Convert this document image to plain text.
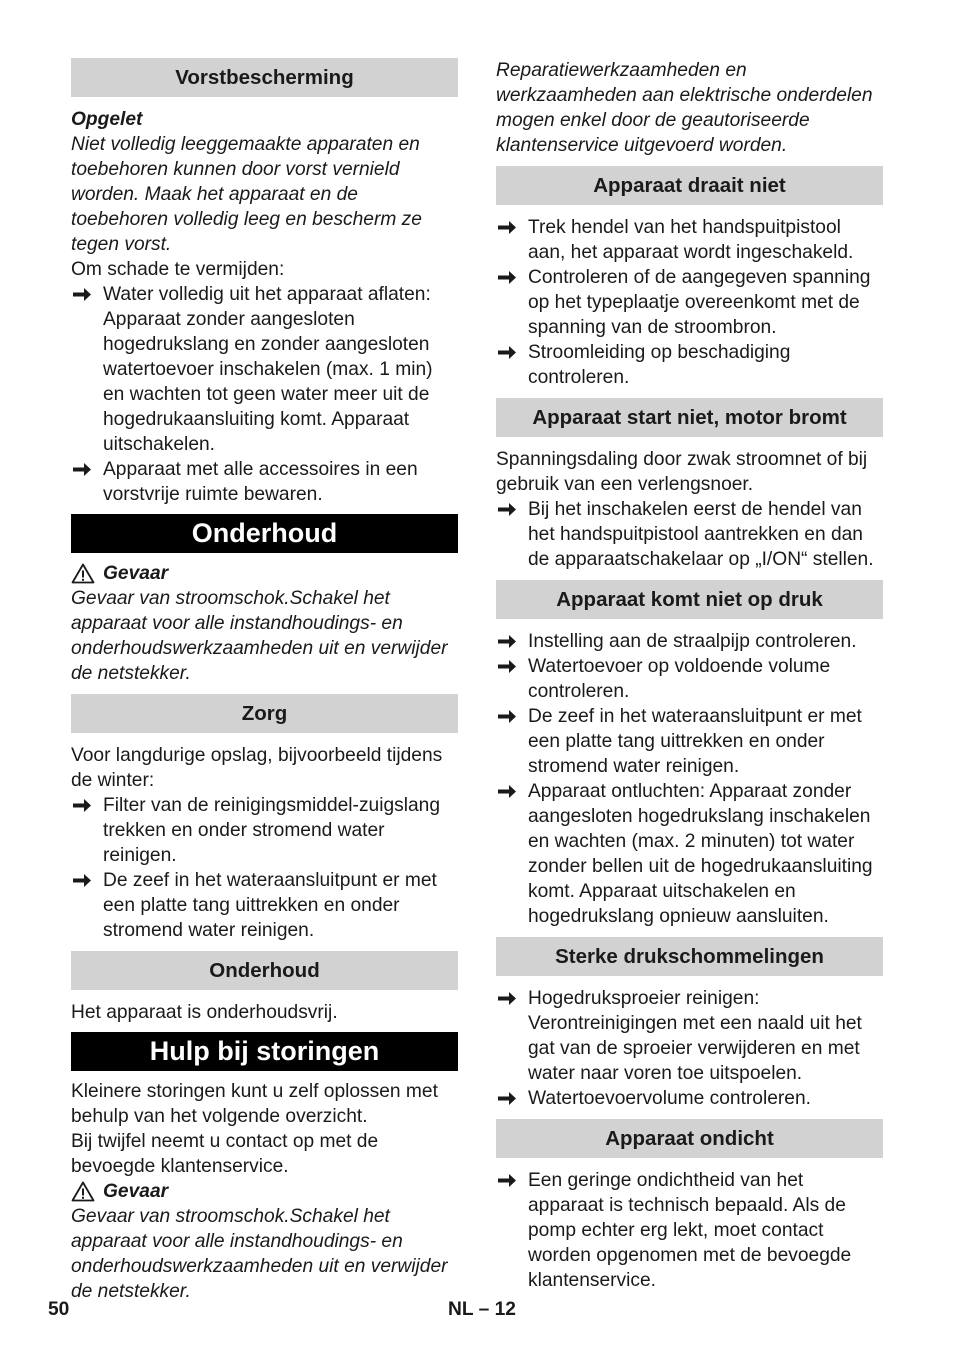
Vorstbescherming

Opgelet

Niet volledig leeggemaakte apparaten en toebehoren kunnen door vorst vernield worden. Maak het apparaat en de toebehoren volledig leeg en bescherm ze tegen vorst.

Om schade te vermijden:

Water volledig uit het apparaat aflaten: Apparaat zonder aangesloten hogedrukslang en zonder aangesloten watertoevoer inschakelen (max. 1 min) en wachten tot geen water meer uit de hogedrukaansluiting komt. Apparaat uitschakelen.
Apparaat met alle accessoires in een vorstvrije ruimte bewaren.
Onderhoud
Gevaar

Gevaar van stroomschok.Schakel het apparaat voor alle instandhoudings- en onderhoudswerkzaamheden uit en verwijder de netstekker.

Zorg

Voor langdurige opslag, bijvoorbeeld tijdens de winter:

Filter van de reinigingsmiddel-zuigslang trekken en onder stromend water reinigen.
De zeef in het wateraansluitpunt er met een platte tang uittrekken en onder stromend water reinigen.
Onderhoud

Het apparaat is onderhoudsvrij.

Hulp bij storingen

Kleinere storingen kunt u zelf oplossen met behulp van het volgende overzicht.

Bij twijfel neemt u contact op met de bevoegde klantenservice.

Gevaar

Gevaar van stroomschok.Schakel het apparaat voor alle instandhoudings- en onderhoudswerkzaamheden uit en verwijder de netstekker.

Reparatiewerkzaamheden en werkzaamheden aan elektrische onderdelen mogen enkel door de geautoriseerde klantenservice uitgevoerd worden.

Apparaat draait niet
Trek hendel van het handspuitpistool aan, het apparaat wordt ingeschakeld.
Controleren of de aangegeven spanning op het typeplaatje overeenkomt met de spanning van de stroombron.
Stroomleiding op beschadiging controleren.
Apparaat start niet, motor bromt

Spanningsdaling door zwak stroomnet of bij gebruik van een verlengsnoer.

Bij het inschakelen eerst de hendel van het handspuitpistool aantrekken en dan de apparaatschakelaar op „I/ON“ stellen.
Apparaat komt niet op druk
Instelling aan de straalpijp controleren.
Watertoevoer op voldoende volume controleren.
De zeef in het wateraansluitpunt er met een platte tang uittrekken en onder stromend water reinigen.
Apparaat ontluchten: Apparaat zonder aangesloten hogedrukslang inschakelen en wachten (max. 2 minuten) tot water zonder bellen uit de hogedrukaansluiting komt. Apparaat uitschakelen en hogedrukslang opnieuw aansluiten.
Sterke drukschommelingen
Hogedruksproeier reinigen: Verontreinigingen met een naald uit het gat van de sproeier verwijderen en met water naar voren toe uitspoelen.
Watertoevoervolume controleren.
Apparaat ondicht
Een geringe ondichtheid van het apparaat is technisch bepaald. Als de pomp echter erg lekt, moet contact worden opgenomen met de bevoegde klantenservice.
50	NL – 12
